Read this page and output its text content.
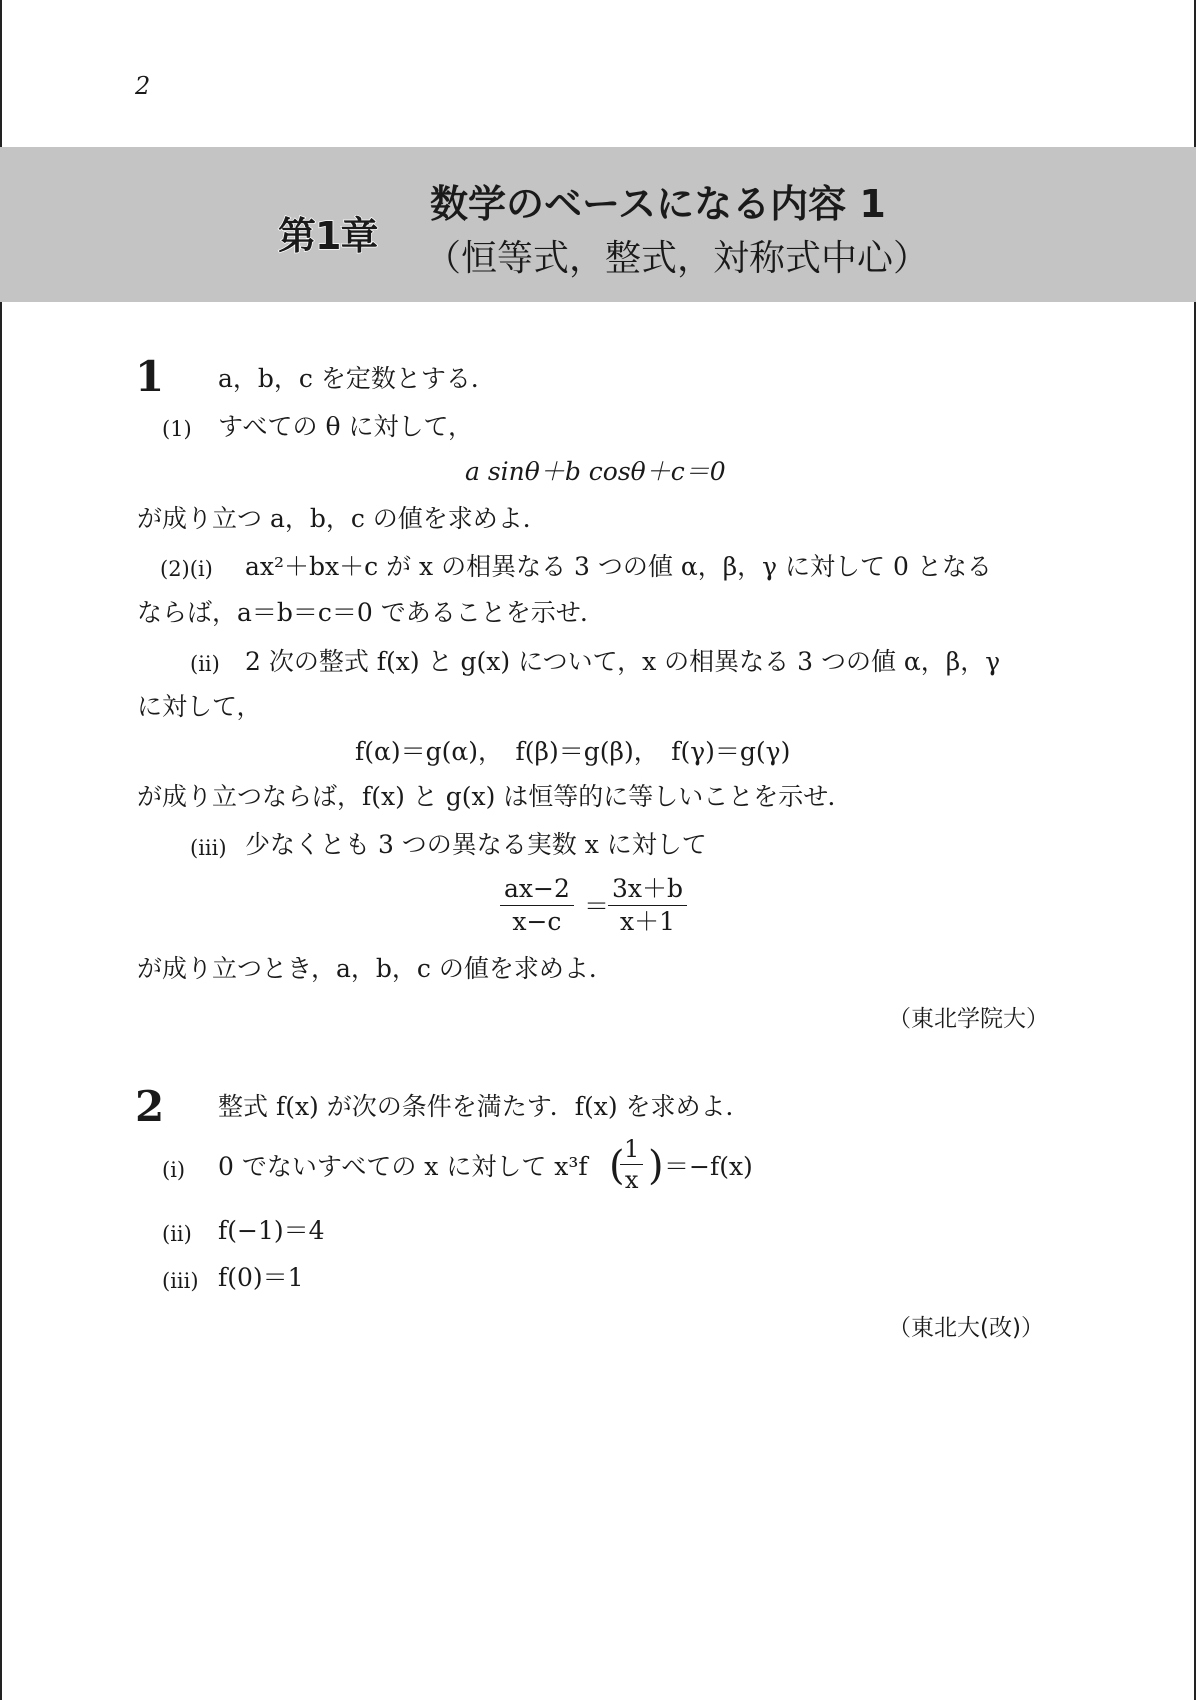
2
第1章
数学のベースになる内容 1
（恒等式，整式，対称式中心）
1 a，b，c を定数とする．
(1) すべての θ に対して，
a sinθ＋b cosθ＋c＝0
が成り立つ a，b，c の値を求めよ．
(2)(i) ax²＋bx＋c が x の相異なる 3 つの値 α，β，γ に対して 0 となる
ならば，a＝b＝c＝0 であることを示せ．
(ii) 2 次の整式 f(x) と g(x) について，x の相異なる 3 つの値 α，β，γ
に対して，
f(α)＝g(α)，　f(β)＝g(β)，　f(γ)＝g(γ)
が成り立つならば，f(x) と g(x) は恒等的に等しいことを示せ．
(iii) 少なくとも 3 つの異なる実数 x に対して
$\frac{ax-2}{x-c}$ ＝
$\frac{3x+b}{x+1}$
が成り立つとき，a，b，c の値を求めよ．
（東北学院大）
2 整式 f(x) が次の条件を満たす．f(x) を求めよ．
(i) 0 でないすべての x に対して x³f (
$\frac{1}{x}$ ) ＝−f(x)
(ii) f(−1)＝4
(iii) f(0)＝1
（東北大(改)）
